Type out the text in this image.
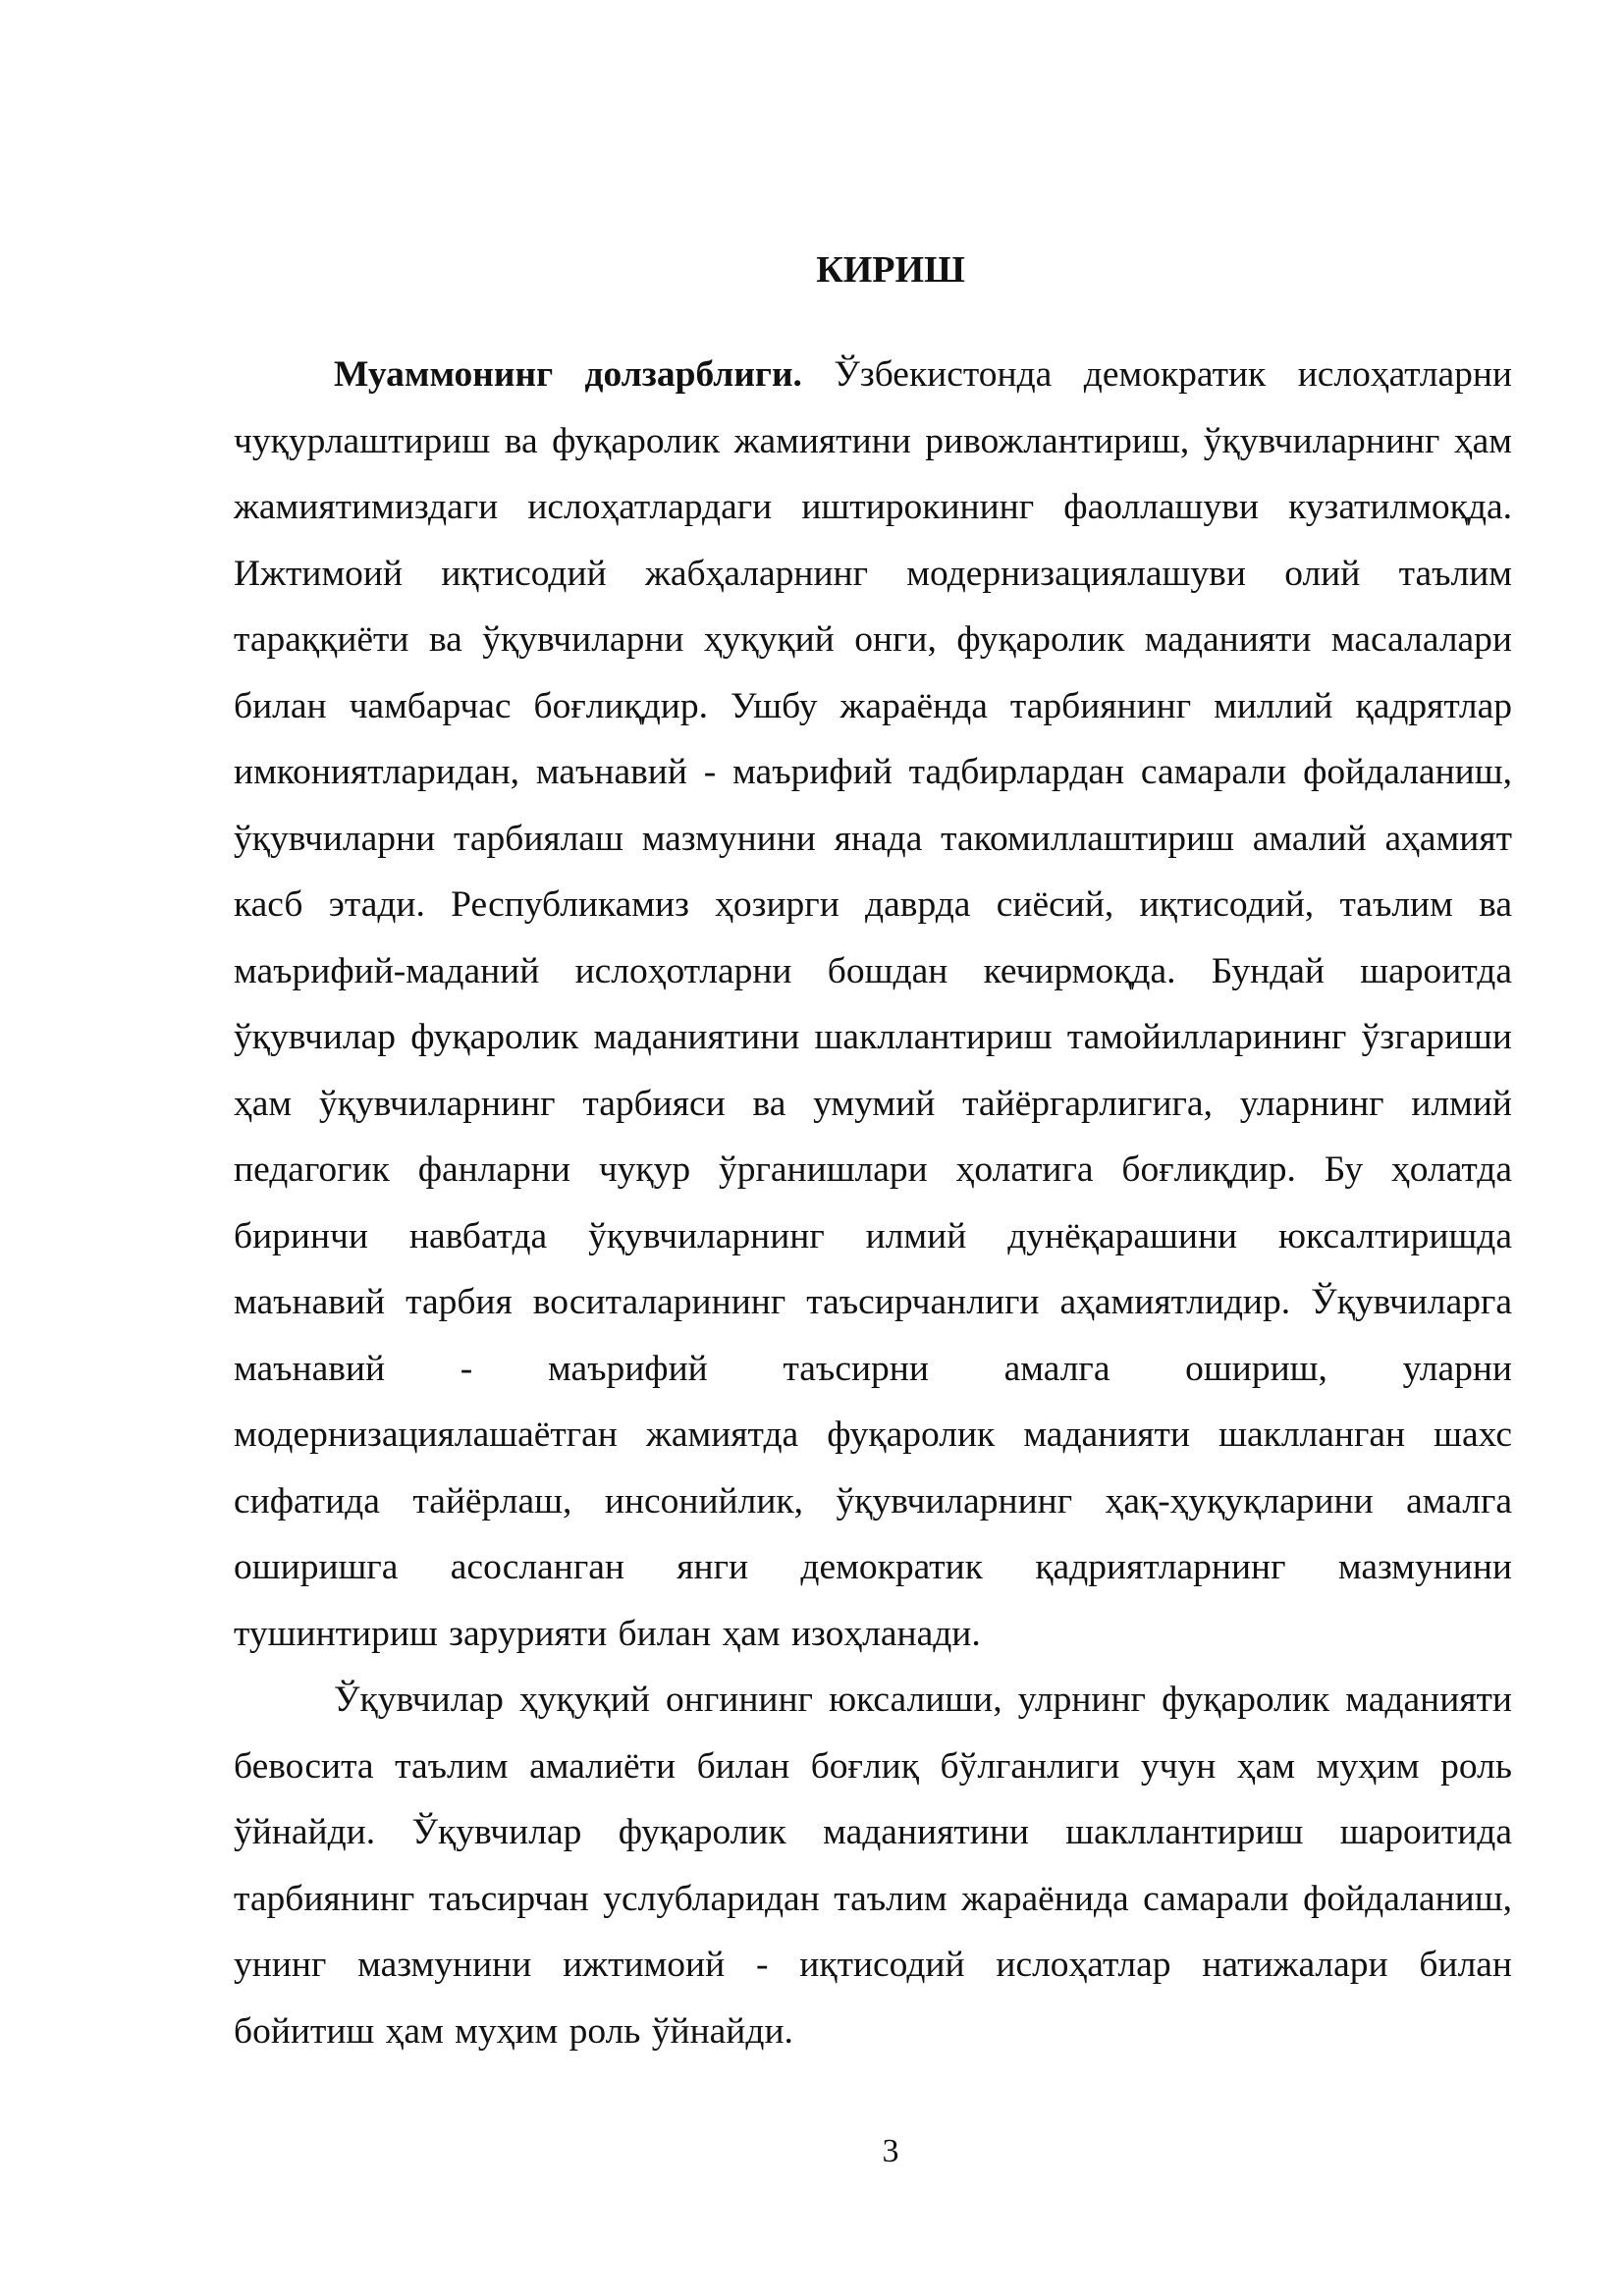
КИРИШ

Муаммонинг долзарблиги. Ўзбекистонда демократик ислоҳатларни чуқурлаштириш ва фуқаролик жамиятини ривожлантириш, ўқувчиларнинг ҳам жамиятимиздаги ислоҳатлардаги иштирокининг фаоллашуви кузатилмоқда. Ижтимоий иқтисодий жабҳаларнинг модернизациялашуви олий таълим тараққиёти ва ўқувчиларни ҳуқуқий онги, фуқаролик маданияти масалалари билан чамбарчас боғлиқдир. Ушбу жараёнда тарбиянинг миллий қадрятлар имкониятларидан, маънавий - маърифий тадбирлардан самарали фойдаланиш, ўқувчиларни тарбиялаш мазмунини янада такомиллаштириш амалий аҳамият касб этади. Республикамиз ҳозирги даврда сиёсий, иқтисодий, таълим ва маърифий-маданий ислоҳотларни бошдан кечирмоқда. Бундай шароитда ўқувчилар фуқаролик маданиятини шакллантириш тамойилларининг ўзгариши ҳам ўқувчиларнинг тарбияси ва умумий тайёргарлигига, уларнинг илмий педагогик фанларни чуқур ўрганишлари ҳолатига боғлиқдир. Бу ҳолатда биринчи навбатда ўқувчиларнинг илмий дунёқарашини юксалтиришда маънавий тарбия воситаларининг таъсирчанлиги аҳамиятлидир. Ўқувчиларга маънавий - маърифий таъсирни амалга ошириш, уларни модернизациялашаётган жамиятда фуқаролик маданияти шаклланган шахс сифатида тайёрлаш, инсонийлик, ўқувчиларнинг ҳақ-ҳуқуқларини амалга оширишга асосланган янги демократик қадриятларнинг мазмунини тушинтириш зарурияти билан ҳам изоҳланади.

Ўқувчилар ҳуқуқий онгининг юксалиши, улрнинг фуқаролик маданияти бевосита таълим амалиёти билан боғлиқ бўлганлиги учун ҳам муҳим роль ўйнайди. Ўқувчилар фуқаролик маданиятини шакллантириш шароитида тарбиянинг таъсирчан услубларидан таълим жараёнида самарали фойдаланиш, унинг мазмунини ижтимоий - иқтисодий ислоҳатлар натижалари билан бойитиш ҳам муҳим роль ўйнайди.

3
